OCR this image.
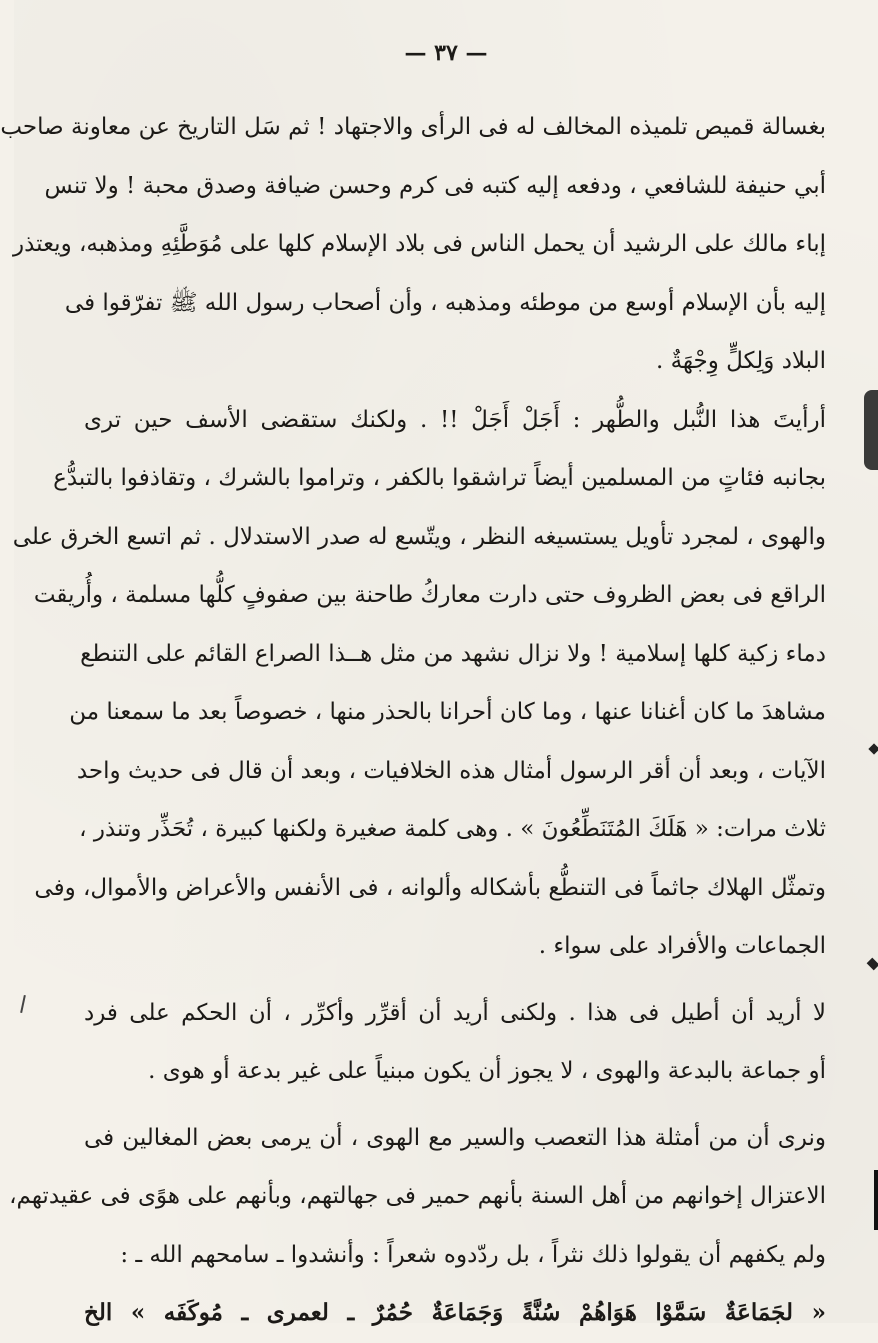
— ٣٧ —
بغسالة قميص تلميذه المخالف له فى الرأى والاجتهاد ! ثم سَل التاريخ عن معاونة صاحب
أبي حنيفة للشافعي ، ودفعه إليه كتبه فى كرم وحسن ضيافة وصدق محبة ! ولا تنس
إباء مالك على الرشيد أن يحمل الناس فى بلاد الإسلام كلها على مُوَطَّئِهِ ومذهبه، ويعتذر
إليه بأن الإسلام أوسع من موطئه ومذهبه ، وأن أصحاب رسول الله ﷺ تفرّقوا فى
البلاد وَلِكلٍّ وِجْهَةٌ .
أرأيتَ هذا النُّبل والطُّهر : أَجَلْ أَجَلْ !! . ولكنك ستقضى الأسف حين ترى
بجانبه فئاتٍ من المسلمين أيضاً تراشقوا بالكفر ، وتراموا بالشرك ، وتقاذفوا بالتبدُّع
والهوى ، لمجرد تأويل يستسيغه النظر ، ويتّسع له صدر الاستدلال . ثم اتسع الخرق على
الراقع فى بعض الظروف حتى دارت معاركُ طاحنة بين صفوفٍ كلُّها مسلمة ، وأُريقت
دماء زكية كلها إسلامية ! ولا نزال نشهد من مثل هــذا الصراع القائم على التنطع
مشاهدَ ما كان أغنانا عنها ، وما كان أحرانا بالحذر منها ، خصوصاً بعد ما سمعنا من
الآيات ، وبعد أن أقر الرسول أمثال هذه الخلافيات ، وبعد أن قال فى حديث واحد
ثلاث مرات: « هَلَكَ المُتَنَطِّعُونَ » . وهى كلمة صغيرة ولكنها كبيرة ، تُحَذِّر وتنذر ،
وتمثّل الهلاك جاثماً فى التنطُّع بأشكاله وألوانه ، فى الأنفس والأعراض والأموال، وفى
الجماعات والأفراد على سواء .
لا أريد أن أطيل فى هذا . ولكنى أريد أن أقرِّر وأكرِّر ، أن الحكم على فرد
أو جماعة بالبدعة والهوى ، لا يجوز أن يكون مبنياً على غير بدعة أو هوى .
ونرى أن من أمثلة هذا التعصب والسير مع الهوى ، أن يرمى بعض المغالين فى
الاعتزال إخوانهم من أهل السنة بأنهم حمير فى جهالتهم، وبأنهم على هوًى فى عقيدتهم،
ولم يكفهم أن يقولوا ذلك نثراً ، بل ردّدوه شعراً : وأنشدوا ـ سامحهم الله ـ :
« لجَمَاعَةٌ سَمَّوْا هَوَاهُمْ سُنَّةً وَجَمَاعَةٌ حُمُرٌ ـ لعمرى ـ مُوكَفَه » الخ
